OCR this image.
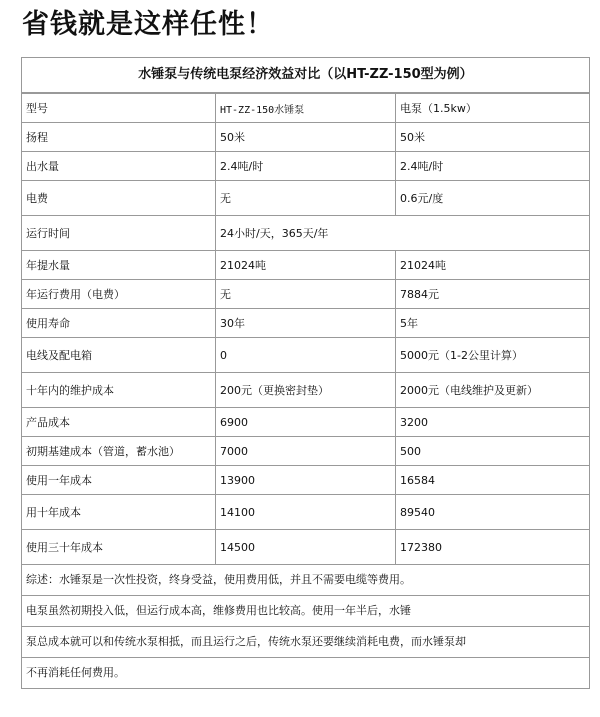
省钱就是这样任性！
水锤泵与传统电泵经济效益对比（以HT-ZZ-150型为例）
型号	HT-ZZ-150水锤泵	电泵（1.5kw）
扬程	50米	50米
出水量	2.4吨/时	2.4吨/时
电费	无	0.6元/度
运行时间	24小时/天，365天/年	
年提水量	21024吨	21024吨
年运行费用（电费）	无	7884元
使用寿命	30年	5年
电线及配电箱	0	5000元（1-2公里计算）
十年内的维护成本	200元（更换密封垫）	2000元（电线维护及更新）
产品成本	6900	3200
初期基建成本（管道，蓄水池）	7000	500
使用一年成本	13900	16584
用十年成本	14100	89540
使用三十年成本	14500	172380
综述：水锤泵是一次性投资，终身受益，使用费用低，并且不需要电缆等费用。
电泵虽然初期投入低，但运行成本高，维修费用也比较高。使用一年半后，水锤
泵总成本就可以和传统水泵相抵，而且运行之后，传统水泵还要继续消耗电费，而水锤泵却
不再消耗任何费用。
